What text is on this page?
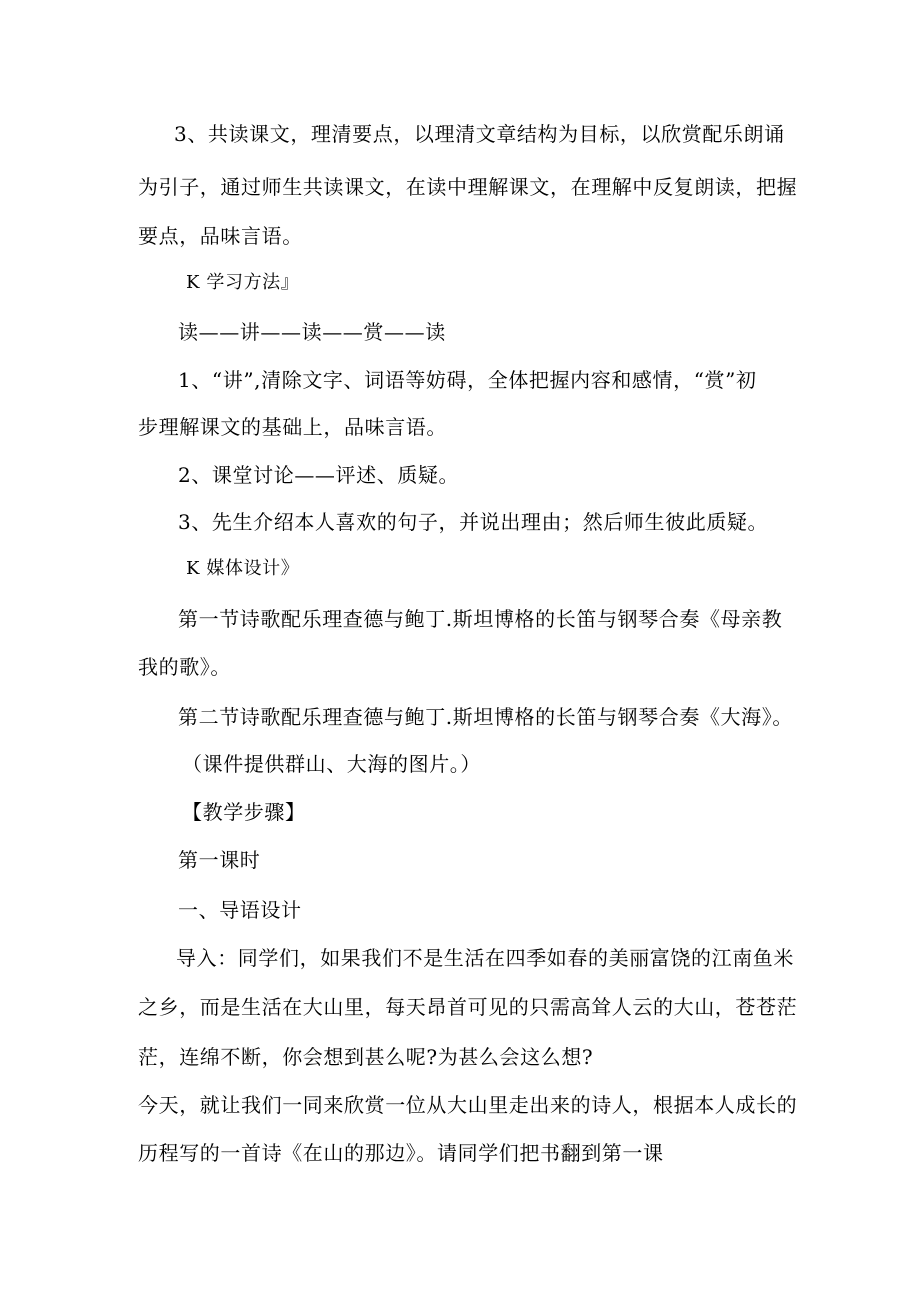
3、共读课文，理清要点，以理清文章结构为目标，以欣赏配乐朗诵
为引子，通过师生共读课文，在读中理解课文，在理解中反复朗读，把握
要点，品味言语。
K 学习方法』
读——讲——读——赏——读
1、“讲”,清除文字、词语等妨碍，全体把握内容和感情，“赏”初
步理解课文的基础上，品味言语。
2、课堂讨论——评述、质疑。
3、先生介绍本人喜欢的句子，并说出理由；然后师生彼此质疑。
K 媒体设计》
第一节诗歌配乐理查德与鲍丁.斯坦博格的长笛与钢琴合奏《母亲教
我的歌》。
第二节诗歌配乐理查德与鲍丁.斯坦博格的长笛与钢琴合奏《大海》。
（课件提供群山、大海的图片。）
【教学步骤】
第一课时
一、导语设计
导入：同学们，如果我们不是生活在四季如春的美丽富饶的江南鱼米
之乡，而是生活在大山里，每天昂首可见的只需高耸人云的大山，苍苍茫
茫，连绵不断，你会想到甚么呢?为甚么会这么想?
今天，就让我们一同来欣赏一位从大山里走出来的诗人，根据本人成长的
历程写的一首诗《在山的那边》。请同学们把书翻到第一课
